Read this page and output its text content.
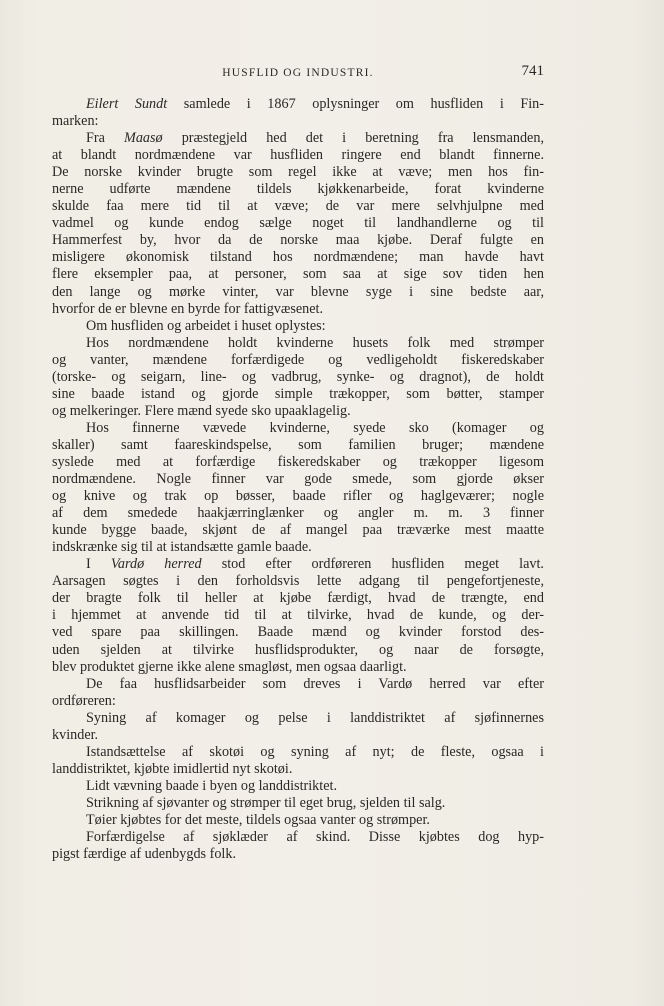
HUSFLID OG INDUSTRI.	741
Eilert Sundt samlede i 1867 oplysninger om husfliden i Fin-
marken:
Fra Maasø præstegjeld hed det i beretning fra lensmanden,
at blandt nordmændene var husfliden ringere end blandt finnerne.
De norske kvinder brugte som regel ikke at væve; men hos fin-
nerne udførte mændene tildels kjøkkenarbeide, forat kvinderne
skulde faa mere tid til at væve; de var mere selvhjulpne med
vadmel og kunde endog sælge noget til landhandlerne og til
Hammerfest by, hvor da de norske maa kjøbe. Deraf fulgte en
misligere økonomisk tilstand hos nordmændene; man havde havt
flere eksempler paa, at personer, som saa at sige sov tiden hen
den lange og mørke vinter, var blevne syge i sine bedste aar,
hvorfor de er blevne en byrde for fattigvæsenet.
Om husfliden og arbeidet i huset oplystes:
Hos nordmændene holdt kvinderne husets folk med strømper
og vanter, mændene forfærdigede og vedligeholdt fiskeredskaber
(torske- og seigarn, line- og vadbrug, synke- og dragnot), de holdt
sine baade istand og gjorde simple trækopper, som bøtter, stamper
og melkeringer. Flere mænd syede sko upaaklagelig.
Hos finnerne vævede kvinderne, syede sko (komager og
skaller) samt faareskindspelse, som familien bruger; mændene
syslede med at forfærdige fiskeredskaber og trækopper ligesom
nordmændene. Nogle finner var gode smede, som gjorde økser
og knive og trak op bøsser, baade rifler og haglgeværer; nogle
af dem smedede haakjærringlænker og angler m. m. 3 finner
kunde bygge baade, skjønt de af mangel paa træværke mest maatte
indskrænke sig til at istandsætte gamle baade.
I Vardø herred stod efter ordføreren husfliden meget lavt.
Aarsagen søgtes i den forholdsvis lette adgang til pengefortjeneste,
der bragte folk til heller at kjøbe færdigt, hvad de trængte, end
i hjemmet at anvende tid til at tilvirke, hvad de kunde, og der-
ved spare paa skillingen. Baade mænd og kvinder forstod des-
uden sjelden at tilvirke husflidsprodukter, og naar de forsøgte,
blev produktet gjerne ikke alene smagløst, men ogsaa daarligt.
De faa husflidsarbeider som dreves i Vardø herred var efter
ordføreren:
Syning af komager og pelse i landdistriktet af sjøfinnernes
kvinder.
Istandsættelse af skotøi og syning af nyt; de fleste, ogsaa i
landdistriktet, kjøbte imidlertid nyt skotøi.
Lidt vævning baade i byen og landdistriktet.
Strikning af sjøvanter og strømper til eget brug, sjelden til salg.
Tøier kjøbtes for det meste, tildels ogsaa vanter og strømper.
Forfærdigelse af sjøklæder af skind. Disse kjøbtes dog hyp-
pigst færdige af udenbygds folk.
